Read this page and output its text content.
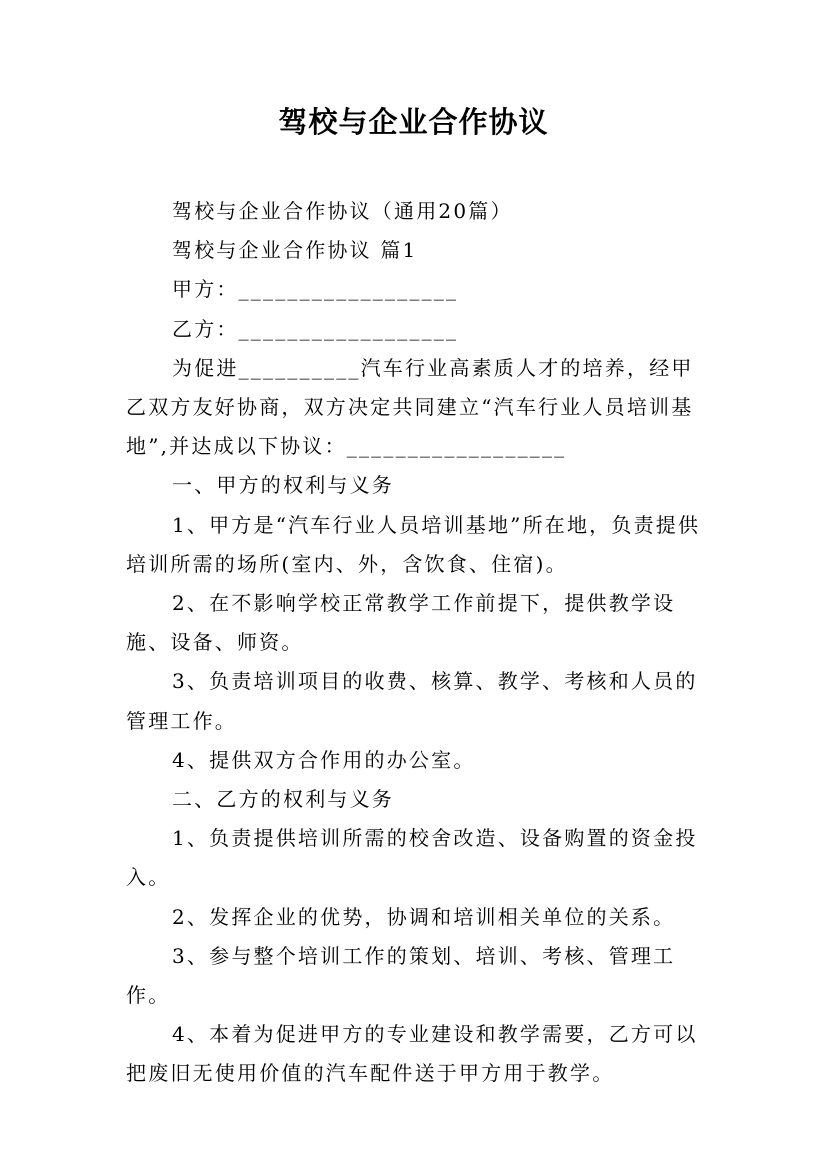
驾校与企业合作协议

驾校与企业合作协议（通用20篇）

驾校与企业合作协议 篇1

甲方：__________________

乙方：__________________

为促进__________汽车行业高素质人才的培养，经甲乙双方友好协商，双方决定共同建立“汽车行业人员培训基地”,并达成以下协议：__________________

一、甲方的权利与义务

1、甲方是“汽车行业人员培训基地”所在地，负责提供培训所需的场所(室内、外，含饮食、住宿)。

2、在不影响学校正常教学工作前提下，提供教学设施、设备、师资。

3、负责培训项目的收费、核算、教学、考核和人员的管理工作。

4、提供双方合作用的办公室。

二、乙方的权利与义务

1、负责提供培训所需的校舍改造、设备购置的资金投入。

2、发挥企业的优势，协调和培训相关单位的关系。

3、参与整个培训工作的策划、培训、考核、管理工作。

4、本着为促进甲方的专业建设和教学需要，乙方可以把废旧无使用价值的汽车配件送于甲方用于教学。
